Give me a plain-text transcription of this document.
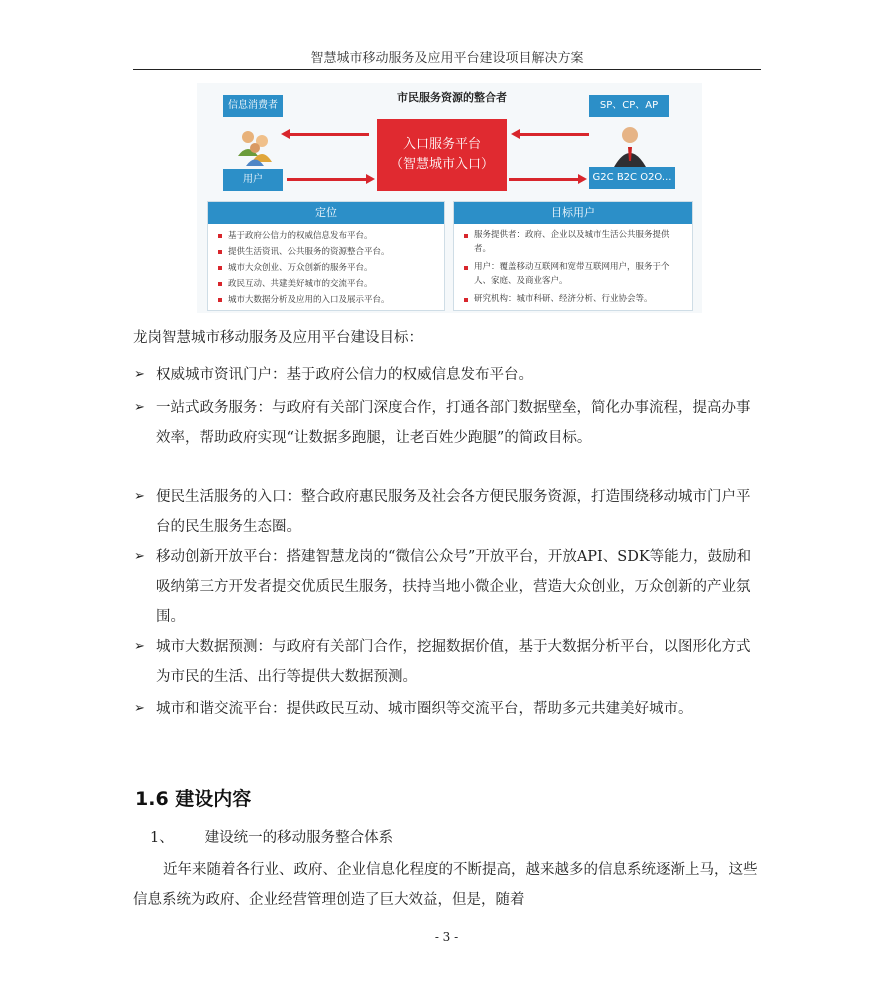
智慧城市移动服务及应用平台建设项目解决方案
市民服务资源的整合者
信息消费者
用户
入口服务平台
（智慧城市入口）
SP、CP、AP
G2C B2C O2O...
定位
基于政府公信力的权威信息发布平台。
提供生活资讯、公共服务的资源整合平台。
城市大众创业、万众创新的服务平台。
政民互动、共建美好城市的交流平台。
城市大数据分析及应用的入口及展示平台。
目标用户
服务提供者：政府、企业以及城市生活公共服务提供者。
用户：覆盖移动互联网和宽带互联网用户，服务于个人、家庭、及商业客户。
研究机构：城市科研、经济分析、行业协会等。
龙岗智慧城市移动服务及应用平台建设目标：
➢ 权威城市资讯门户：基于政府公信力的权威信息发布平台。
➢ 一站式政务服务：与政府有关部门深度合作，打通各部门数据壁垒，简化办事流程，提高办事效率，帮助政府实现“让数据多跑腿，让老百姓少跑腿”的简政目标。
➢ 便民生活服务的入口：整合政府惠民服务及社会各方便民服务资源，打造围绕移动城市门户平台的民生服务生态圈。
➢ 移动创新开放平台：搭建智慧龙岗的“微信公众号”开放平台，开放API、SDK等能力，鼓励和吸纳第三方开发者提交优质民生服务，扶持当地小微企业，营造大众创业，万众创新的产业氛围。
➢ 城市大数据预测：与政府有关部门合作，挖掘数据价值，基于大数据分析平台，以图形化方式为市民的生活、出行等提供大数据预测。
➢ 城市和谐交流平台：提供政民互动、城市圈织等交流平台，帮助多元共建美好城市。
1.6 建设内容
1、 建设统一的移动服务整合体系
近年来随着各行业、政府、企业信息化程度的不断提高，越来越多的信息系统逐渐上马，这些信息系统为政府、企业经营管理创造了巨大效益，但是，随着
- 3 -
